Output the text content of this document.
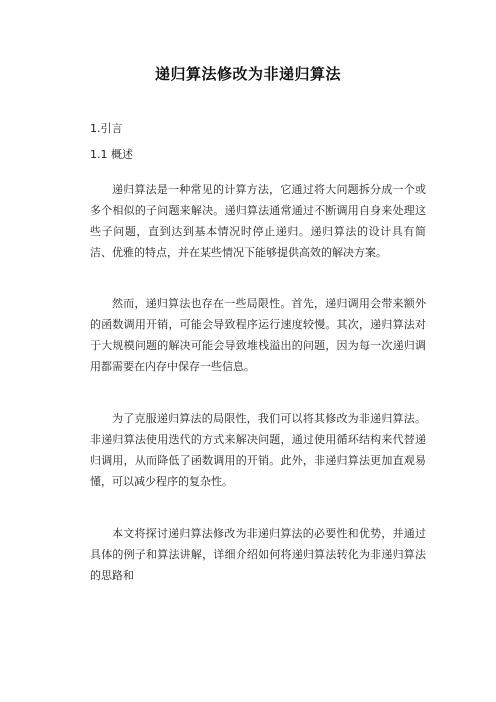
递归算法修改为非递归算法
1.引言
1.1 概述

递归算法是一种常见的计算方法，它通过将大问题拆分成一个或多个相似的子问题来解决。递归算法通常通过不断调用自身来处理这些子问题，直到达到基本情况时停止递归。递归算法的设计具有简洁、优雅的特点，并在某些情况下能够提供高效的解决方案。

然而，递归算法也存在一些局限性。首先，递归调用会带来额外的函数调用开销，可能会导致程序运行速度较慢。其次，递归算法对于大规模问题的解决可能会导致堆栈溢出的问题，因为每一次递归调用都需要在内存中保存一些信息。

为了克服递归算法的局限性，我们可以将其修改为非递归算法。非递归算法使用迭代的方式来解决问题，通过使用循环结构来代替递归调用，从而降低了函数调用的开销。此外，非递归算法更加直观易懂，可以减少程序的复杂性。

本文将探讨递归算法修改为非递归算法的必要性和优势，并通过具体的例子和算法讲解，详细介绍如何将递归算法转化为非递归算法的思路和
